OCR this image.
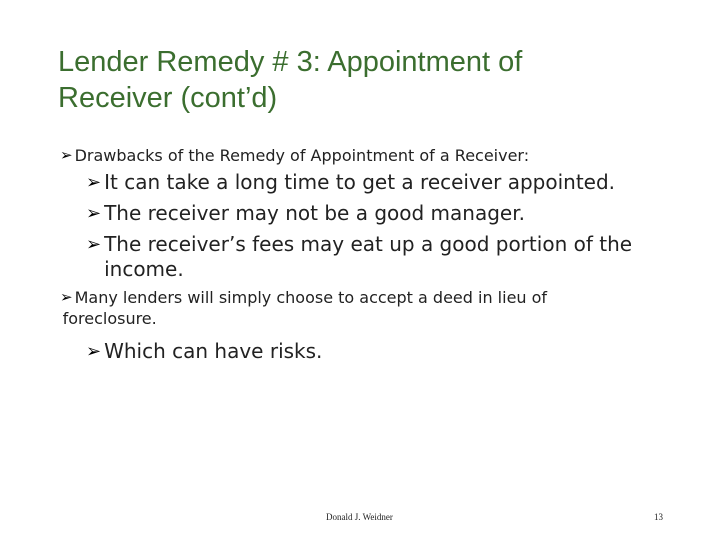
Lender Remedy # 3: Appointment of
Receiver (cont’d)
➢ Drawbacks of the Remedy of Appointment of a Receiver:
➢ It can take a long time to get a receiver appointed.
➢ The receiver may not be a good manager.
➢ The receiver’s fees may eat up a good portion of the
income.
➢ Many lenders will simply choose to accept a deed in lieu of
foreclosure.
➢ Which can have risks.
Donald J. Weidner	13
